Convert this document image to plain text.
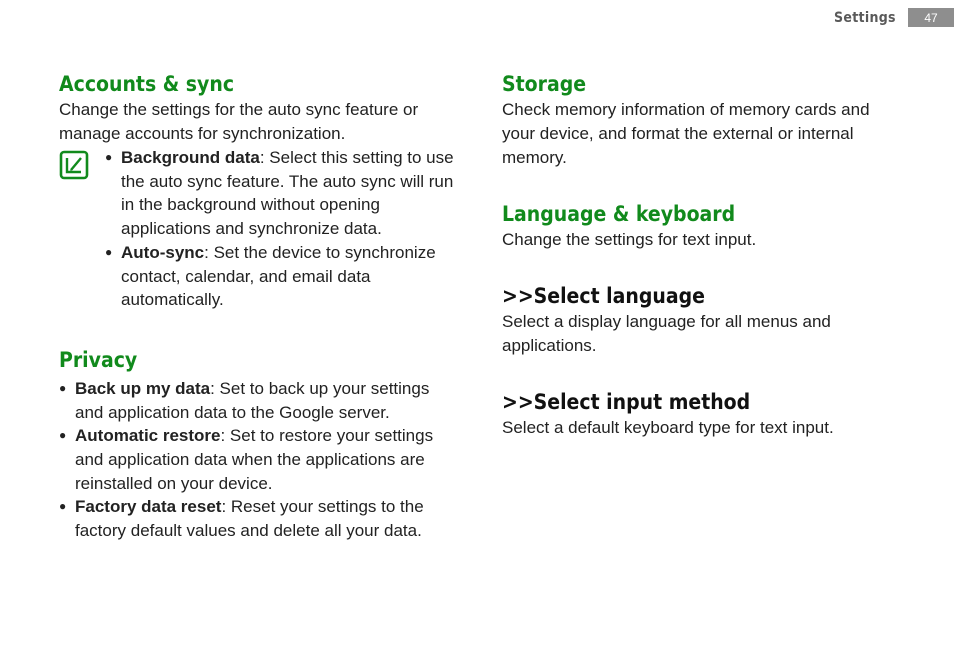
Settings	47
Accounts & sync

Change the settings for the auto sync feature or manage accounts for synchronization.

● Background data: Select this setting to use the auto sync feature. The auto sync will run in the background without opening applications and synchronize data.
● Auto-sync: Set the device to synchronize contact, calendar, and email data automatically.
Privacy
● Back up my data: Set to back up your settings and application data to the Google server.
● Automatic restore: Set to restore your settings and application data when the applications are reinstalled on your device.
● Factory data reset: Reset your settings to the factory default values and delete all your data.
Storage

Check memory information of memory cards and your device, and format the external or internal memory.

Language & keyboard

Change the settings for text input.

>>Select language

Select a display language for all menus and applications.

>>Select input method

Select a default keyboard type for text input.
